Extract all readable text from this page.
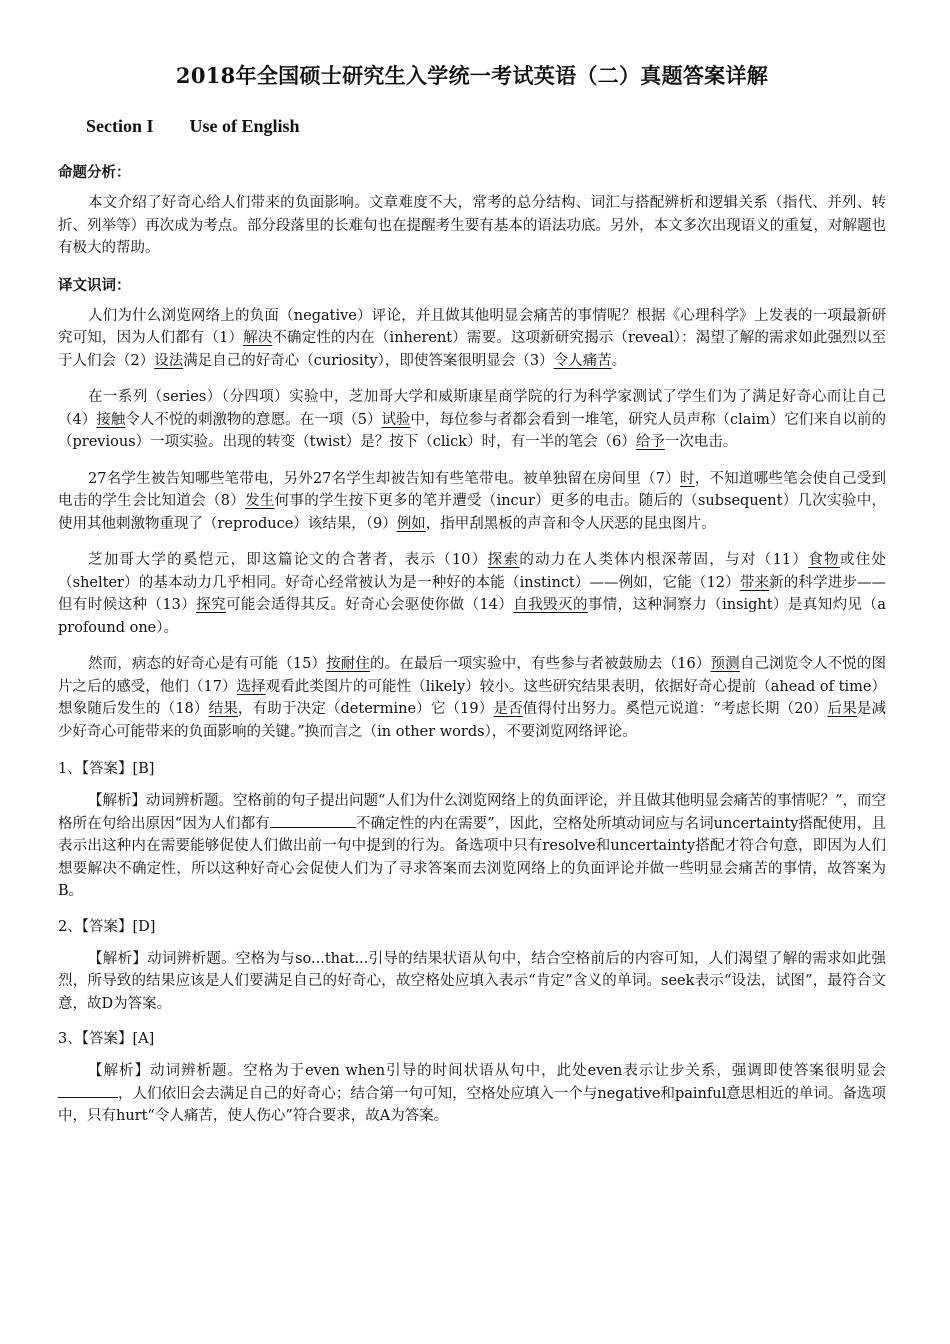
2018年全国硕士研究生入学统一考试英语（二）真题答案详解
Section I Use of English
命题分析：

本文介绍了好奇心给人们带来的负面影响。文章难度不大，常考的总分结构、词汇与搭配辨析和逻辑关系（指代、并列、转折、列举等）再次成为考点。部分段落里的长难句也在提醒考生要有基本的语法功底。另外，本文多次出现语义的重复，对解题也有极大的帮助。

译文识词：

人们为什么浏览网络上的负面（negative）评论，并且做其他明显会痛苦的事情呢？根据《心理科学》上发表的一项最新研究可知，因为人们都有（1）解决不确定性的内在（inherent）需要。这项新研究揭示（reveal）：渴望了解的需求如此强烈以至于人们会（2）设法满足自己的好奇心（curiosity），即使答案很明显会（3）令人痛苦。

在一系列（series）（分四项）实验中，芝加哥大学和威斯康星商学院的行为科学家测试了学生们为了满足好奇心而让自己（4）接触令人不悦的刺激物的意愿。在一项（5）试验中，每位参与者都会看到一堆笔，研究人员声称（claim）它们来自以前的（previous）一项实验。出现的转变（twist）是？按下（click）时，有一半的笔会（6）给予一次电击。

27名学生被告知哪些笔带电，另外27名学生却被告知有些笔带电。被单独留在房间里（7）时，不知道哪些笔会使自己受到电击的学生会比知道会（8）发生何事的学生按下更多的笔并遭受（incur）更多的电击。随后的（subsequent）几次实验中，使用其他刺激物重现了（reproduce）该结果，（9）例如，指甲刮黑板的声音和令人厌恶的昆虫图片。

芝加哥大学的奚恺元，即这篇论文的合著者，表示（10）探索的动力在人类体内根深蒂固，与对（11）食物或住处（shelter）的基本动力几乎相同。好奇心经常被认为是一种好的本能（instinct）——例如，它能（12）带来新的科学进步——但有时候这种（13）探究可能会适得其反。好奇心会驱使你做（14）自我毁灭的事情，这种洞察力（insight）是真知灼见（a profound one）。

然而，病态的好奇心是有可能（15）按耐住的。在最后一项实验中，有些参与者被鼓励去（16）预测自己浏览令人不悦的图片之后的感受，他们（17）选择观看此类图片的可能性（likely）较小。这些研究结果表明，依据好奇心提前（ahead of time）想象随后发生的（18）结果，有助于决定（determine）它（19）是否值得付出努力。奚恺元说道：“考虑长期（20）后果是减少好奇心可能带来的负面影响的关键。”换而言之（in other words），不要浏览网络评论。

1、【答案】[B]

【解析】动词辨析题。空格前的句子提出问题“人们为什么浏览网络上的负面评论，并且做其他明显会痛苦的事情呢？”，而空格所在句给出原因“因为人们都有	不确定性的内在需要”，因此，空格处所填动词应与名词uncertainty搭配使用，且表示出这种内在需要能够促使人们做出前一句中提到的行为。备选项中只有resolve和uncertainty搭配才符合句意，即因为人们想要解决不确定性，所以这种好奇心会促使人们为了寻求答案而去浏览网络上的负面评论并做一些明显会痛苦的事情，故答案为B。

2、【答案】[D]

【解析】动词辨析题。空格为与so...that...引导的结果状语从句中，结合空格前后的内容可知，人们渴望了解的需求如此强烈，所导致的结果应该是人们要满足自己的好奇心，故空格处应填入表示“肯定”含义的单词。seek表示“设法，试图”，最符合文意，故D为答案。

3、【答案】[A]

【解析】动词辨析题。空格为于even when引导的时间状语从句中，此处even表示让步关系，强调即使答案很明显会，人们依旧会去满足自己的好奇心；结合第一句可知，空格处应填入一个与negative和painful意思相近的单词。备选项中，只有hurt“令人痛苦，使人伤心”符合要求，故A为答案。
